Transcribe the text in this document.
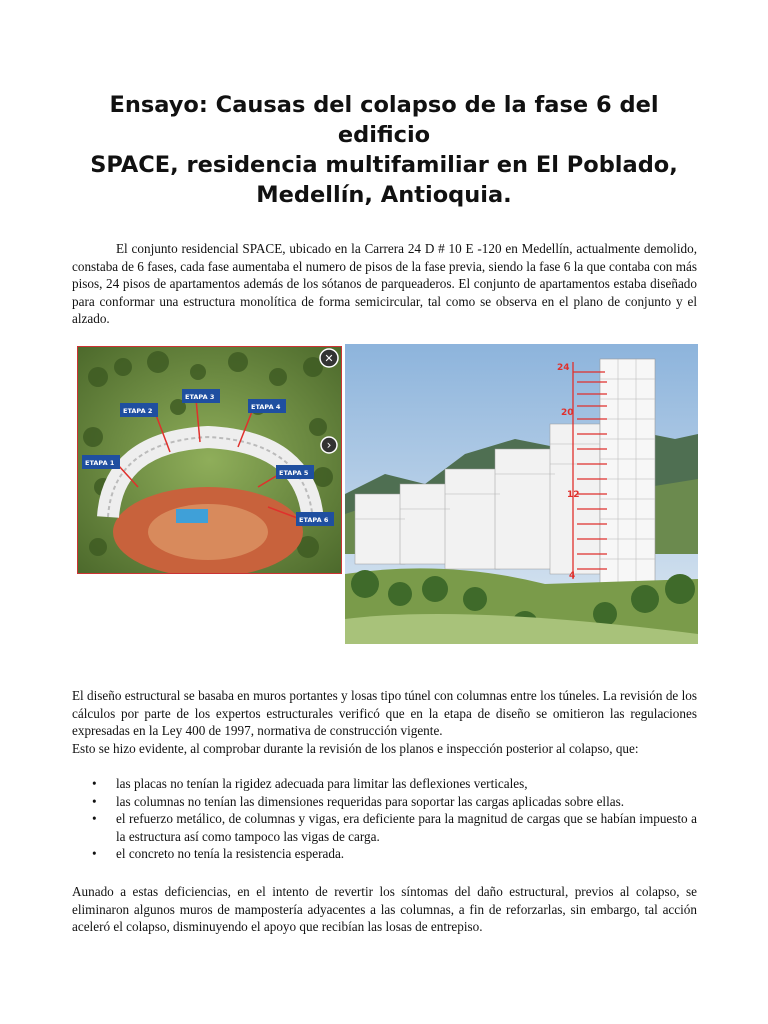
Ensayo: Causas del colapso de la fase 6 del edificio
SPACE, residencia multifamiliar en El Poblado,
Medellín, Antioquia.

El conjunto residencial SPACE, ubicado en la Carrera 24 D # 10 E -120 en Medellín, actualmente demolido, constaba de 6 fases, cada fase aumentaba el numero de pisos de la fase previa, siendo la fase 6 la que contaba con más pisos, 24 pisos de apartamentos además de los sótanos de parqueaderos. El conjunto de apartamentos estaba diseñado para conformar una estructura monolítica de forma semicircular, tal como se observa en el plano de conjunto y el alzado.

ETAPA 1
ETAPA 2
ETAPA 3
ETAPA 4
ETAPA 5
ETAPA 6
✕
›
24
20
12
4

El diseño estructural se basaba en muros portantes y losas tipo túnel con columnas entre los túneles. La revisión de los cálculos por parte de los expertos estructurales verificó que en la etapa de diseño se omitieron las regulaciones expresadas en la Ley 400 de 1997, normativa de construcción vigente.

Esto se hizo evidente, al comprobar durante la revisión de los planos e inspección posterior al colapso, que:

• las placas no tenían la rigidez adecuada para limitar las deflexiones verticales,
• las columnas no tenían las dimensiones requeridas para soportar las cargas aplicadas sobre ellas.
• el refuerzo metálico, de columnas y vigas, era deficiente para la magnitud de cargas que se habían impuesto a la estructura así como tampoco las vigas de carga.
• el concreto no tenía la resistencia esperada.

Aunado a estas deficiencias, en el intento de revertir los síntomas del daño estructural, previos al colapso, se eliminaron algunos muros de mampostería adyacentes a las columnas, a fin de reforzarlas, sin embargo, tal acción aceleró el colapso, disminuyendo el apoyo que recibían las losas de entrepiso.
